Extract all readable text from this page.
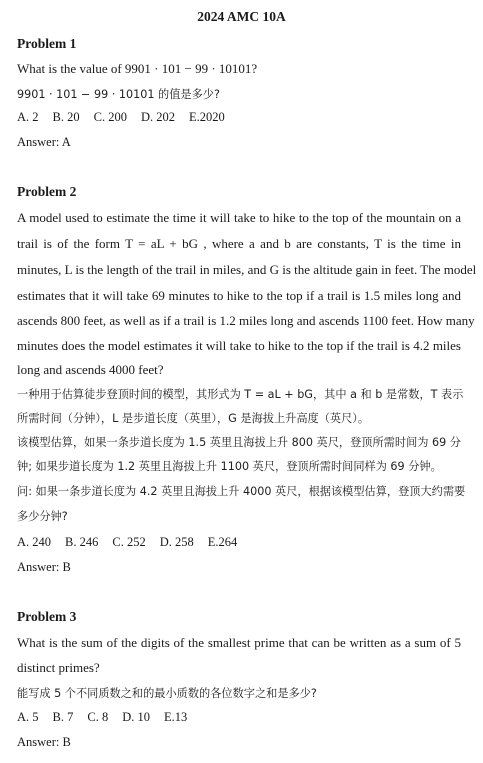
2024 AMC 10A
Problem 1
What is the value of 9901 · 101 − 99 · 10101?
9901 · 101 − 99 · 10101 的值是多少?
A. 2 B. 20 C. 200 D. 202 E.2020
Answer: A
Problem 2
A model used to estimate the time it will take to hike to the top of the mountain on a
trail is of the form T = aL + bG , where a and b are constants, T is the time in
minutes, L is the length of the trail in miles, and G is the altitude gain in feet. The model
estimates that it will take 69 minutes to hike to the top if a trail is 1.5 miles long and
ascends 800 feet, as well as if a trail is 1.2 miles long and ascends 1100 feet. How many
minutes does the model estimates it will take to hike to the top if the trail is 4.2 miles
long and ascends 4000 feet?
一种用于估算徒步登顶时间的模型，其形式为 T = aL + bG，其中 a 和 b 是常数，T 表示
所需时间（分钟），L 是步道长度（英里），G 是海拔上升高度（英尺）。
该模型估算，如果一条步道长度为 1.5 英里且海拔上升 800 英尺，登顶所需时间为 69 分
钟; 如果步道长度为 1.2 英里且海拔上升 1100 英尺，登顶所需时间同样为 69 分钟。
问: 如果一条步道长度为 4.2 英里且海拔上升 4000 英尺，根据该模型估算，登顶大约需要
多少分钟?
A. 240 B. 246 C. 252 D. 258 E.264
Answer: B
Problem 3
What is the sum of the digits of the smallest prime that can be written as a sum of 5
distinct primes?
能写成 5 个不同质数之和的最小质数的各位数字之和是多少?
A. 5 B. 7 C. 8 D. 10 E.13
Answer: B
